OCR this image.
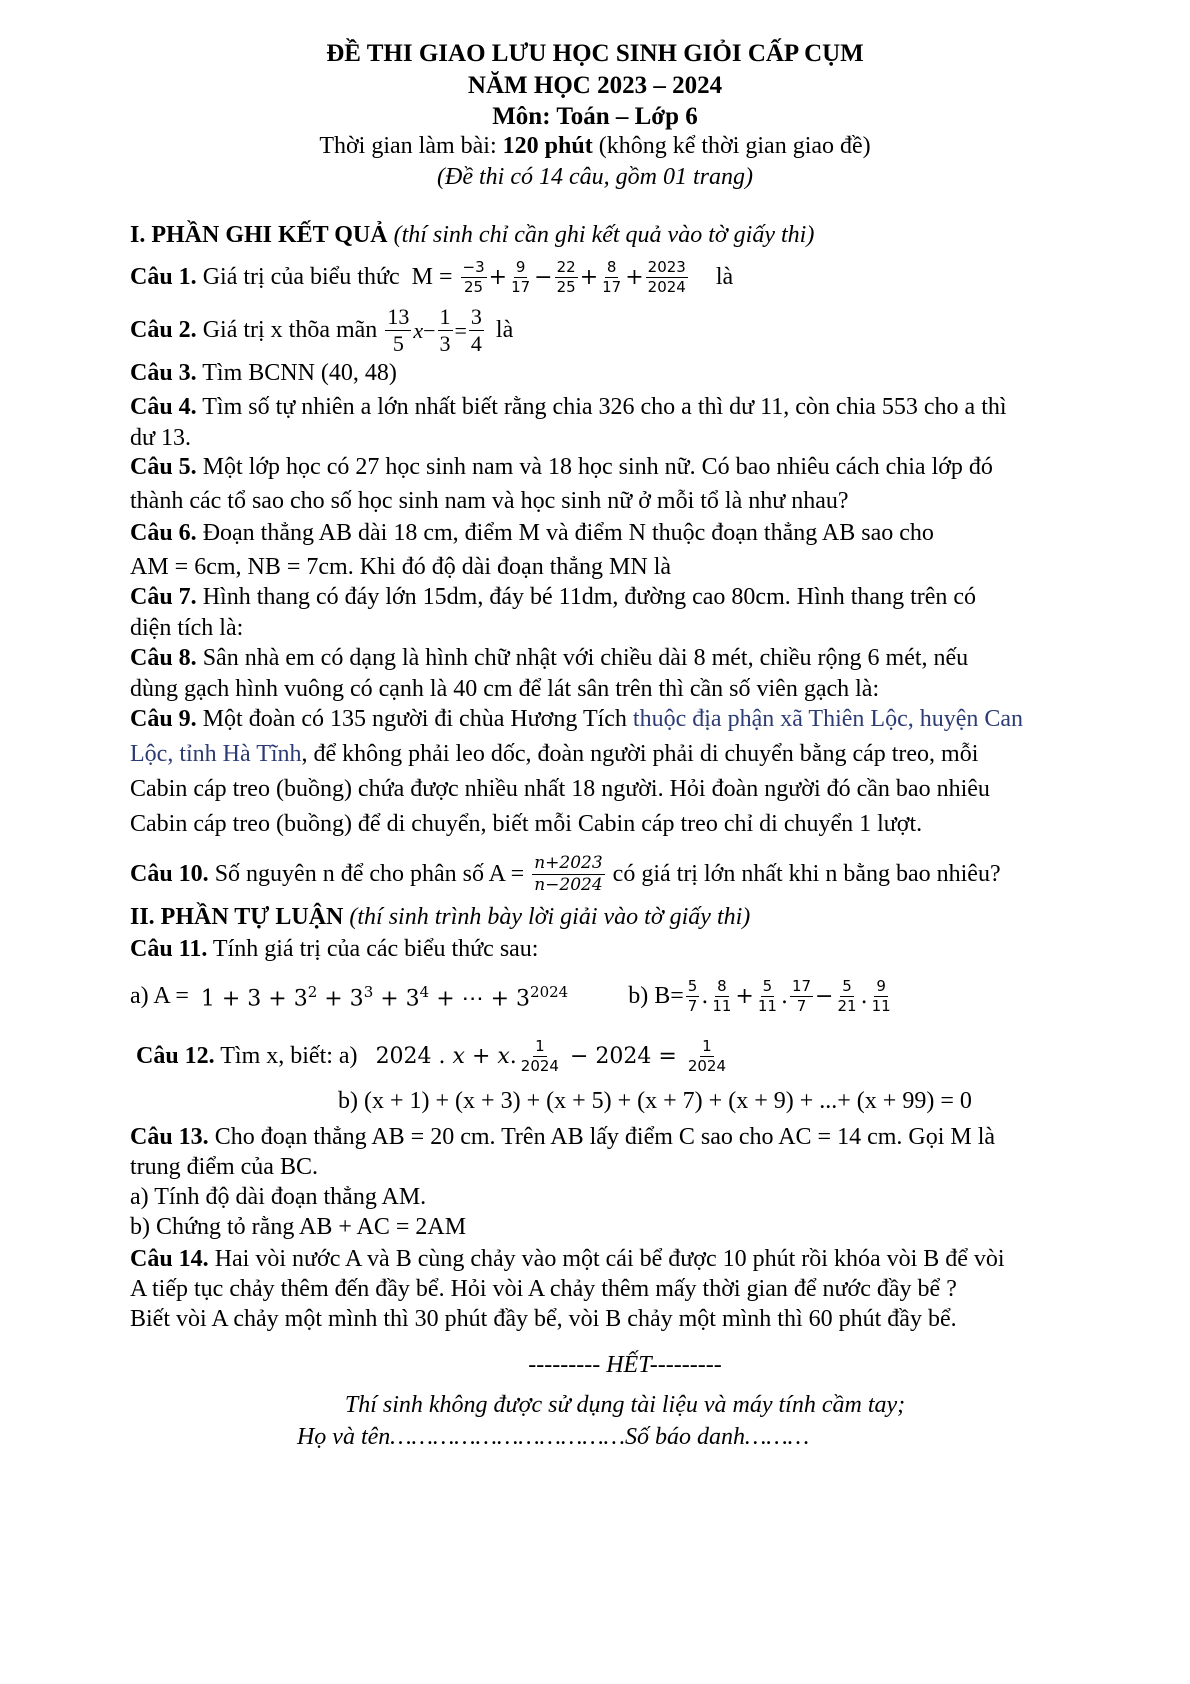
ĐỀ THI GIAO LƯU HỌC SINH GIỎI CẤP CỤM
NĂM HỌC 2023 – 2024
Môn: Toán – Lớp 6
Thời gian làm bài: 120 phút (không kể thời gian giao đề)
(Đề thi có 14 câu, gồm 01 trang)
I. PHẦN GHI KẾT QUẢ (thí sinh chỉ cần ghi kết quả vào tờ giấy thi)
Câu 1. Giá trị của biểu thức  $M = \frac{-3}{25} + \frac{9}{17} - \frac{22}{25} + \frac{8}{17} + \frac{2023}{2024}$ là
Câu 2. Giá trị x thõa mãn
13
5
$x - \frac{1}{3} = \frac{3}{4}$ là
Câu 3. Tìm BCNN (40, 48)
Câu 4. Tìm số tự nhiên a lớn nhất biết rằng chia 326 cho a thì dư 11, còn chia 553 cho a thì
dư 13.
Câu 5. Một lớp học có 27 học sinh nam và 18 học sinh nữ. Có bao nhiêu cách chia lớp đó
thành các tổ sao cho số học sinh nam và học sinh nữ ở mỗi tổ là như nhau?
Câu 6. Đoạn thẳng AB dài 18 cm, điểm M và điểm N thuộc đoạn thẳng AB sao cho
AM = 6cm, NB = 7cm. Khi đó độ dài đoạn thẳng MN là
Câu 7. Hình thang có đáy lớn 15dm, đáy bé 11dm, đường cao 80cm. Hình thang trên có
diện tích là:
Câu 8. Sân nhà em có dạng là hình chữ nhật với chiều dài 8 mét, chiều rộng 6 mét, nếu
dùng gạch hình vuông có cạnh là 40 cm để lát sân trên thì cần số viên gạch là:
Câu 9. Một đoàn có 135 người đi chùa Hương Tích thuộc địa phận xã Thiên Lộc, huyện Can
Lộc, tỉnh Hà Tĩnh, để không phải leo dốc, đoàn người phải di chuyển bằng cáp treo, mỗi
Cabin cáp treo (buồng) chứa được nhiều nhất 18 người. Hỏi đoàn người đó cần bao nhiêu
Cabin cáp treo (buồng) để di chuyển, biết mỗi Cabin cáp treo chỉ di chuyển 1 lượt.
Câu 10. Số nguyên n để cho phân số $A = \frac{n+2023}{n-2024}$ có giá trị lớn nhất khi n bằng bao nhiêu?
II. PHẦN TỰ LUẬN (thí sinh trình bày lời giải vào tờ giấy thi)
Câu 11. Tính giá trị của các biểu thức sau:
a) $A = 1 + 3 + 3^2 + 3^3 + 3^4$ + ⋯ + $3^{2024}$	b) $B= \frac{5}{7}$ . 8
$11 + \frac{5}{11}$ . 17
$7 - \frac{5}{21}$ . 9
11
Câu 12. Tìm x, biết: a) 2024 . x + x. 1
$2024 - 2024 = \frac{1}{2024}$
b) (x + 1) + (x + 3) + (x + 5) + (x + 7) + (x + 9) + ...+ (x + 99) = 0
Câu 13. Cho đoạn thẳng AB = 20 cm. Trên AB lấy điểm C sao cho AC = 14 cm. Gọi M là
trung điểm của BC.
a) Tính độ dài đoạn thẳng AM.
b) Chứng tỏ rằng AB + AC = 2AM
Câu 14. Hai vòi nước A và B cùng chảy vào một cái bể được 10 phút rồi khóa vòi B để vòi
A tiếp tục chảy thêm đến đầy bể. Hỏi vòi A chảy thêm mấy thời gian để nước đầy bể ?
Biết vòi A chảy một mình thì 30 phút đầy bể, vòi B chảy một mình thì 60 phút đầy bể.
--------- HẾT---------
Thí sinh không được sử dụng tài liệu và máy tính cầm tay;
Họ và tên……………………………Số báo danh………
